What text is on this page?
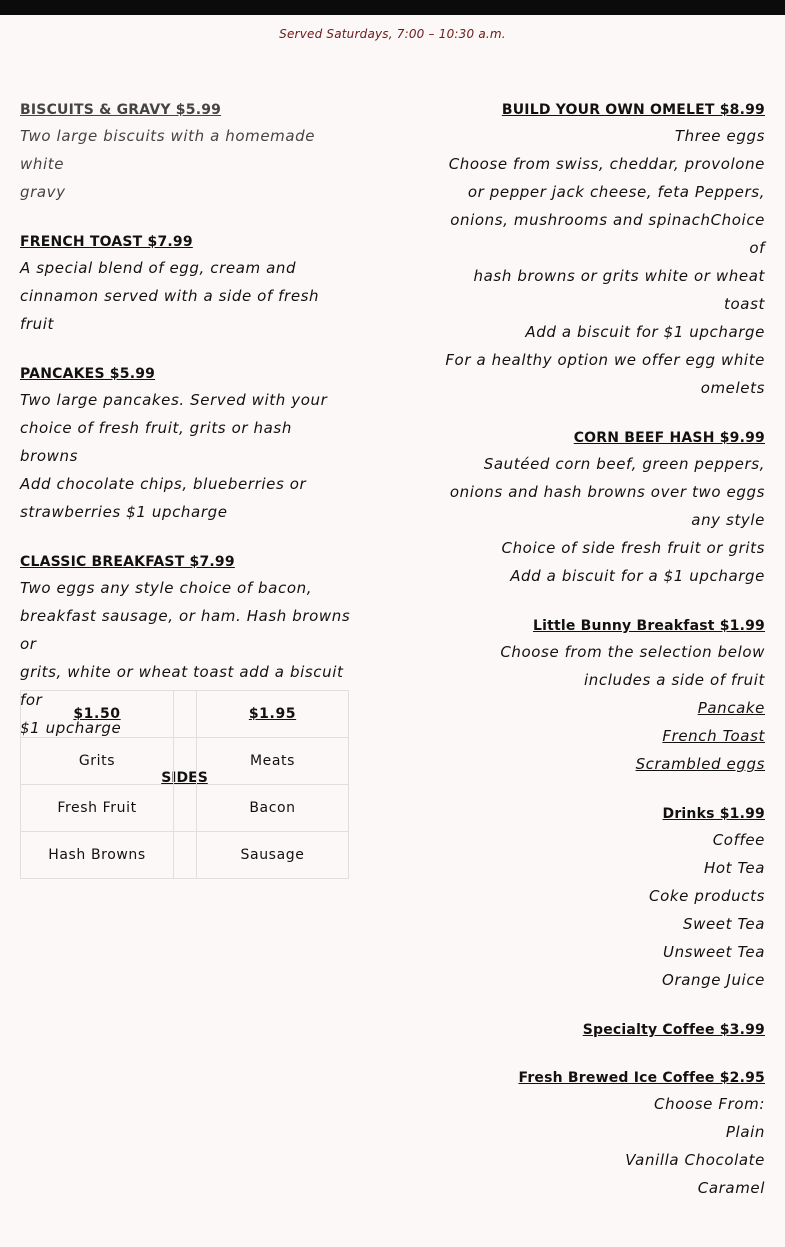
Served Saturdays, 7:00 – 10:30 a.m.
BISCUITS & GRAVY $5.99
Two large biscuits with a homemade white
gravy
FRENCH TOAST $7.99
A special blend of egg, cream and
cinnamon served with a side of fresh fruit
PANCAKES $5.99
Two large pancakes. Served with your
choice of fresh fruit, grits or hash browns
Add chocolate chips, blueberries or
strawberries $1 upcharge
CLASSIC BREAKFAST $7.99
Two eggs any style choice of bacon,
breakfast sausage, or ham. Hash browns or
grits, white or wheat toast add a biscuit for
$1 upcharge
SIDES
$1.50		$1.95
Grits		Meats
Fresh Fruit		Bacon
Hash Browns		Sausage
BUILD YOUR OWN OMELET $8.99
Three eggs
Choose from swiss, cheddar, provolone
or pepper jack cheese, feta Peppers,
onions, mushrooms and spinachChoice of
hash browns or grits white or wheat
toast
Add a biscuit for $1 upcharge
For a healthy option we offer egg white
omelets
CORN BEEF HASH $9.99
Sautéed corn beef, green peppers,
onions and hash browns over two eggs
any style
Choice of side fresh fruit or grits
Add a biscuit for a $1 upcharge
Little Bunny Breakfast $1.99
Choose from the selection below
includes a side of fruit
Pancake
French Toast
Scrambled eggs
Drinks $1.99
Coffee
Hot Tea
Coke products
Sweet Tea
Unsweet Tea
Orange Juice
Specialty Coffee $3.99
Fresh Brewed Ice Coffee $2.95
Choose From:
Plain
Vanilla Chocolate
Caramel
